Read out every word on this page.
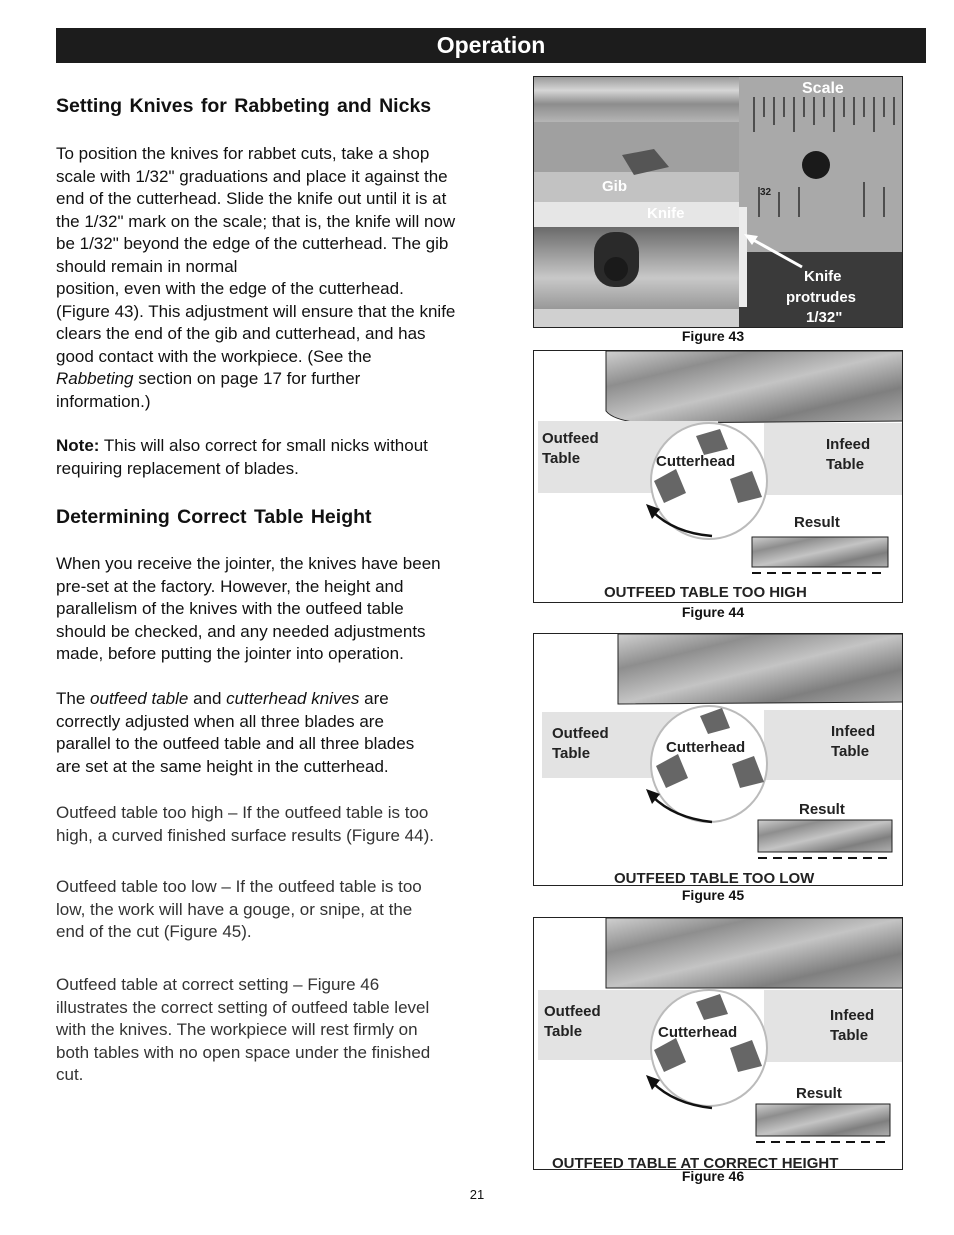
Operation
Setting Knives for Rabbeting and Nicks
To position the knives for rabbet cuts, take a shop
scale with 1/32" graduations and place it against the
end of the cutterhead. Slide the knife out until it is at
the 1/32" mark on the scale; that is, the knife will now
be 1/32" beyond the edge of the cutterhead. The gib
should remain in normal
position, even with the edge of the cutterhead.
(Figure 43). This adjustment will ensure that the knife
clears the end of the gib and cutterhead, and has
good contact with the workpiece. (See the
Rabbeting section on page 17 for further
information.)
Note: This will also correct for small nicks without
requiring replacement of blades.
Determining Correct Table Height
When you receive the jointer, the knives have been
pre-set at the factory. However, the height and
parallelism of the knives with the outfeed table
should be checked, and any needed adjustments
made, before putting the jointer into operation.
The outfeed table and cutterhead knives are
correctly adjusted when all three blades are
parallel to the outfeed table and all three blades
are set at the same height in the cutterhead.
Outfeed table too high – If the outfeed table is too
high, a curved finished surface results (Figure 44).
Outfeed table too low – If the outfeed table is too
low, the work will have a gouge, or snipe, at the
end of the cut (Figure 45).
Outfeed table at correct setting – Figure 46
illustrates the correct setting of outfeed table level
with the knives. The workpiece will rest firmly on
both tables with no open space under the finished
cut.
Scale
Gib
Knife
32
Knife
protrudes
1/32"
Figure 43
Outfeed
Table
Infeed
Table
Cutterhead
Result
OUTFEED TABLE TOO HIGH
Figure 44
Outfeed
Table
Infeed
Table
Cutterhead
Result
OUTFEED TABLE TOO LOW
Figure 45
Outfeed
Table
Infeed
Table
Cutterhead
Result
OUTFEED TABLE AT CORRECT HEIGHT
Figure 46
21
